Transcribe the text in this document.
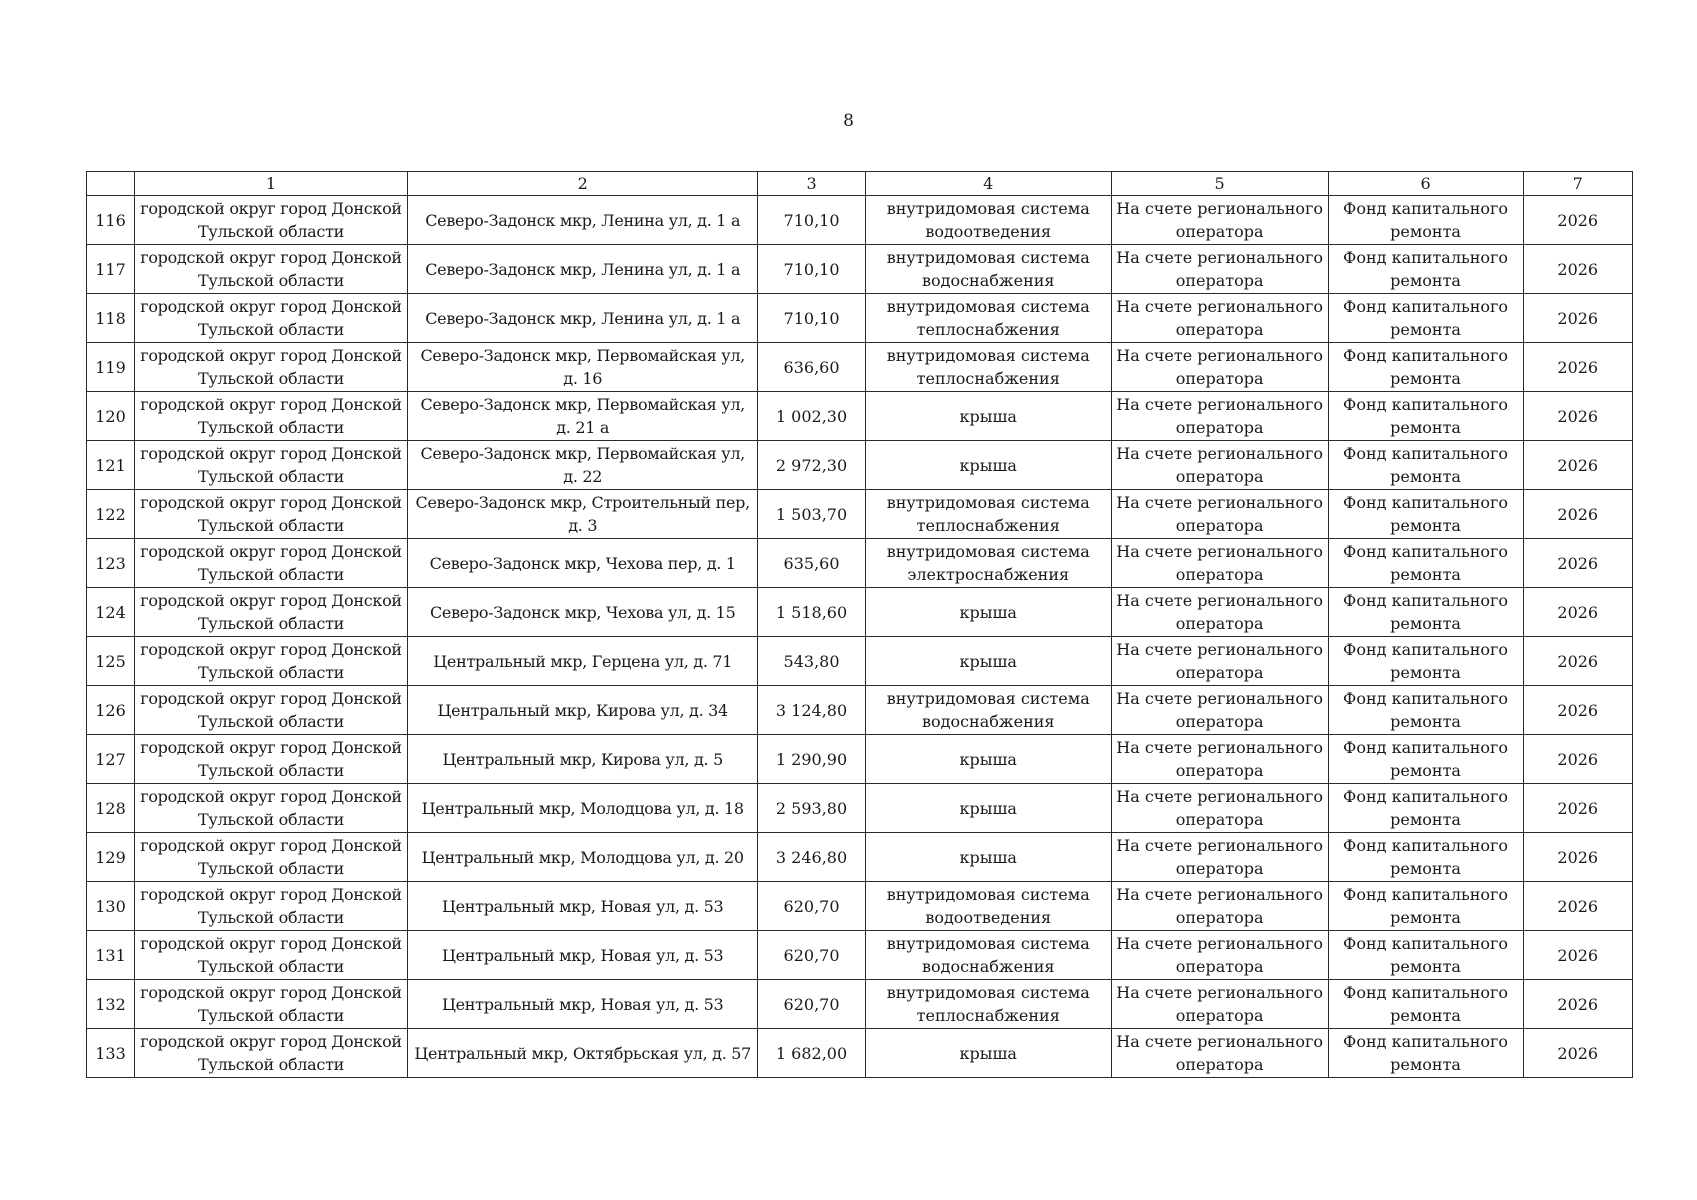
8
	1	2	3	4	5	6	7
116	городской округ город Донской Тульской области	Северо-Задонск мкр, Ленина ул, д. 1 а	710,10	внутридомовая система водоотведения	На счете регионального оператора	Фонд капитального ремонта	2026
117	городской округ город Донской Тульской области	Северо-Задонск мкр, Ленина ул, д. 1 а	710,10	внутридомовая система водоснабжения	На счете регионального оператора	Фонд капитального ремонта	2026
118	городской округ город Донской Тульской области	Северо-Задонск мкр, Ленина ул, д. 1 а	710,10	внутридомовая система теплоснабжения	На счете регионального оператора	Фонд капитального ремонта	2026
119	городской округ город Донской Тульской области	Северо-Задонск мкр, Первомайская ул, д. 16	636,60	внутридомовая система теплоснабжения	На счете регионального оператора	Фонд капитального ремонта	2026
120	городской округ город Донской Тульской области	Северо-Задонск мкр, Первомайская ул, д. 21 а	1 002,30	крыша	На счете регионального оператора	Фонд капитального ремонта	2026
121	городской округ город Донской Тульской области	Северо-Задонск мкр, Первомайская ул, д. 22	2 972,30	крыша	На счете регионального оператора	Фонд капитального ремонта	2026
122	городской округ город Донской Тульской области	Северо-Задонск мкр, Строительный пер, д. 3	1 503,70	внутридомовая система теплоснабжения	На счете регионального оператора	Фонд капитального ремонта	2026
123	городской округ город Донской Тульской области	Северо-Задонск мкр, Чехова пер, д. 1	635,60	внутридомовая система электроснабжения	На счете регионального оператора	Фонд капитального ремонта	2026
124	городской округ город Донской Тульской области	Северо-Задонск мкр, Чехова ул, д. 15	1 518,60	крыша	На счете регионального оператора	Фонд капитального ремонта	2026
125	городской округ город Донской Тульской области	Центральный мкр, Герцена ул, д. 71	543,80	крыша	На счете регионального оператора	Фонд капитального ремонта	2026
126	городской округ город Донской Тульской области	Центральный мкр, Кирова ул, д. 34	3 124,80	внутридомовая система водоснабжения	На счете регионального оператора	Фонд капитального ремонта	2026
127	городской округ город Донской Тульской области	Центральный мкр, Кирова ул, д. 5	1 290,90	крыша	На счете регионального оператора	Фонд капитального ремонта	2026
128	городской округ город Донской Тульской области	Центральный мкр, Молодцова ул, д. 18	2 593,80	крыша	На счете регионального оператора	Фонд капитального ремонта	2026
129	городской округ город Донской Тульской области	Центральный мкр, Молодцова ул, д. 20	3 246,80	крыша	На счете регионального оператора	Фонд капитального ремонта	2026
130	городской округ город Донской Тульской области	Центральный мкр, Новая ул, д. 53	620,70	внутридомовая система водоотведения	На счете регионального оператора	Фонд капитального ремонта	2026
131	городской округ город Донской Тульской области	Центральный мкр, Новая ул, д. 53	620,70	внутридомовая система водоснабжения	На счете регионального оператора	Фонд капитального ремонта	2026
132	городской округ город Донской Тульской области	Центральный мкр, Новая ул, д. 53	620,70	внутридомовая система теплоснабжения	На счете регионального оператора	Фонд капитального ремонта	2026
133	городской округ город Донской Тульской области	Центральный мкр, Октябрьская ул, д. 57	1 682,00	крыша	На счете регионального оператора	Фонд капитального ремонта	2026
